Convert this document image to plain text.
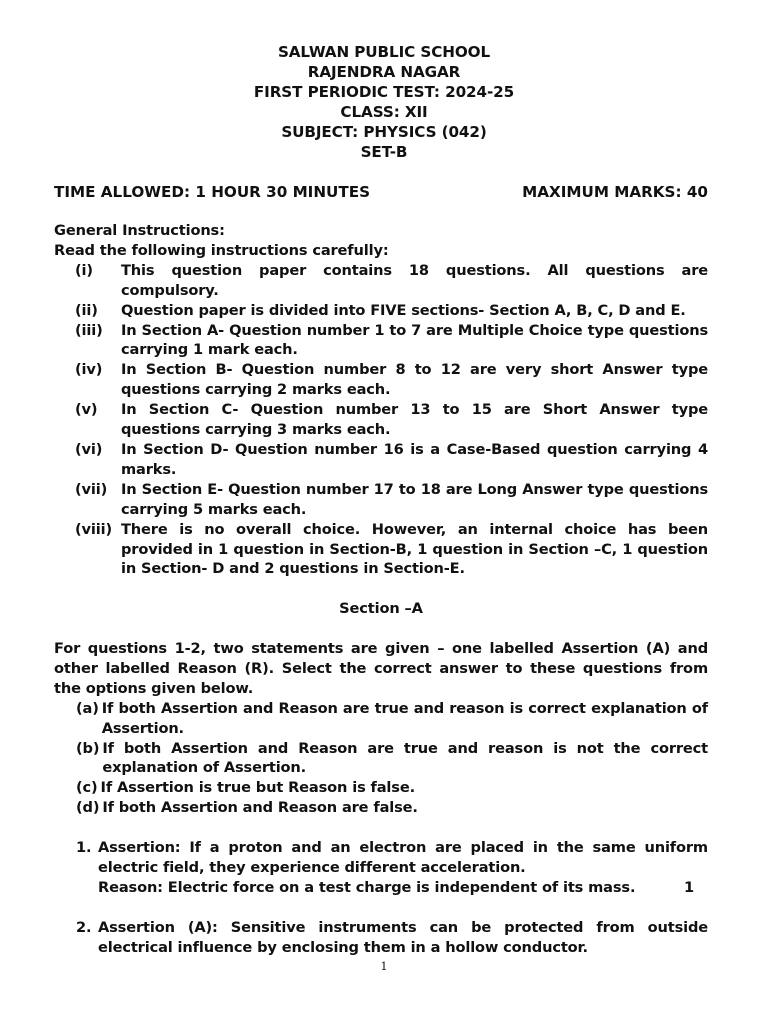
SALWAN PUBLIC SCHOOL
RAJENDRA NAGAR
FIRST PERIODIC TEST: 2024-25
CLASS: XII
SUBJECT: PHYSICS (042)
SET-B
TIME ALLOWED: 1 HOUR 30 MINUTES	MAXIMUM MARKS: 40
General Instructions:
Read the following instructions carefully:
(i)	This question paper contains 18 questions. All questions are compulsory.
(ii)	Question paper is divided into FIVE sections- Section A, B, C, D and E.
(iii)	In Section A- Question number 1 to 7 are Multiple Choice type questions carrying 1 mark each.
(iv)	In Section B- Question number 8 to 12 are very short Answer type questions carrying 2 marks each.
(v)	In Section C- Question number 13 to 15 are Short Answer type questions carrying 3 marks each.
(vi)	In Section D- Question number 16 is a Case-Based question carrying 4 marks.
(vii) In Section E- Question number 17 to 18 are Long Answer type questions carrying 5 marks each.
(viii) There is no overall choice. However, an internal choice has been provided in 1 question in Section-B, 1 question in Section –C, 1 question in Section- D and 2 questions in Section-E.
Section –A
For questions 1-2, two statements are given – one labelled Assertion (A) and other labelled Reason (R). Select the correct answer to these questions from the options given below.
(a) If both Assertion and Reason are true and reason is correct explanation of Assertion.
(b) If both Assertion and Reason are true and reason is not the correct explanation of Assertion.
(c) If Assertion is true but Reason is false.
(d) If both Assertion and Reason are false.
1. Assertion: If a proton and an electron are placed in the same uniform electric field, they experience different acceleration.
Reason: Electric force on a test charge is independent of its mass.	1
2. Assertion (A): Sensitive instruments can be protected from outside electrical influence by enclosing them in a hollow conductor.
1
